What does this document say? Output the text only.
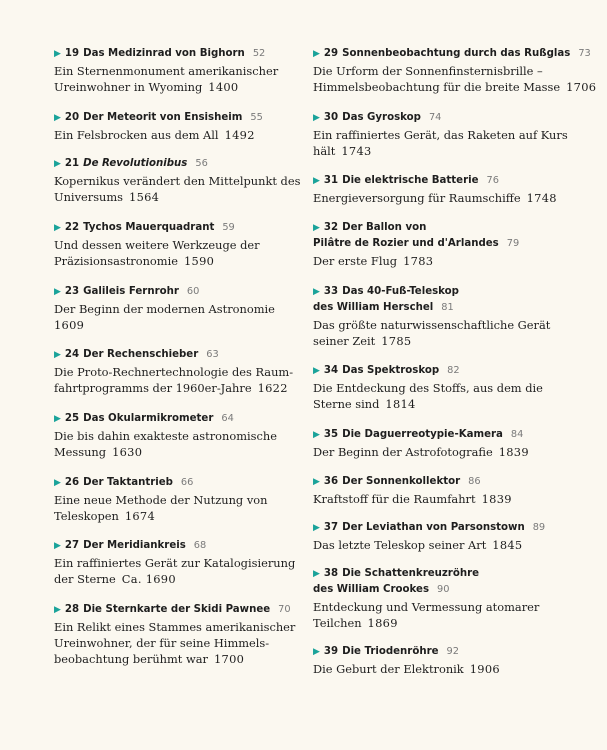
▶ 19 Das Medizinrad von Bighorn 52
Ein Sternenmonument amerikanischer
Ureinwohner in Wyoming 1400
▶ 20 Der Meteorit von Ensisheim 55
Ein Felsbrocken aus dem All 1492
▶ 21 De Revolutionibus 56
Kopernikus verändert den Mittelpunkt des
Universums 1564
▶ 22 Tychos Mauerquadrant 59
Und dessen weitere Werkzeuge der
Präzisionsastronomie 1590
▶ 23 Galileis Fernrohr 60
Der Beginn der modernen Astronomie
1609
▶ 24 Der Rechenschieber 63
Die Proto-Rechnertechnologie des Raum-
fahrtprogramms der 1960er-Jahre 1622
▶ 25 Das Okularmikrometer 64
Die bis dahin exakteste astronomische
Messung 1630
▶ 26 Der Taktantrieb 66
Eine neue Methode der Nutzung von
Teleskopen 1674
▶ 27 Der Meridiankreis 68
Ein raffiniertes Gerät zur Katalogisierung
der Sterne Ca. 1690
▶ 28 Die Sternkarte der Skidi Pawnee 70
Ein Relikt eines Stammes amerikanischer
Ureinwohner, der für seine Himmels-
beobachtung berühmt war 1700
▶ 29 Sonnenbeobachtung durch das Rußglas 73
Die Urform der Sonnenfinsternisbrille –
Himmelsbeobachtung für die breite Masse 1706
▶ 30 Das Gyroskop 74
Ein raffiniertes Gerät, das Raketen auf Kurs
hält 1743
▶ 31 Die elektrische Batterie 76
Energieversorgung für Raumschiffe 1748
▶ 32 Der Ballon von
Pilâtre de Rozier und d'Arlandes 79
Der erste Flug 1783
▶ 33 Das 40-Fuß-Teleskop
des William Herschel 81
Das größte naturwissenschaftliche Gerät
seiner Zeit 1785
▶ 34 Das Spektroskop 82
Die Entdeckung des Stoffs, aus dem die
Sterne sind 1814
▶ 35 Die Daguerreotypie-Kamera 84
Der Beginn der Astrofotografie 1839
▶ 36 Der Sonnenkollektor 86
Kraftstoff für die Raumfahrt 1839
▶ 37 Der Leviathan von Parsonstown 89
Das letzte Teleskop seiner Art 1845
▶ 38 Die Schattenkreuzröhre
des William Crookes 90
Entdeckung und Vermessung atomarer
Teilchen 1869
▶ 39 Die Triodenröhre 92
Die Geburt der Elektronik 1906
